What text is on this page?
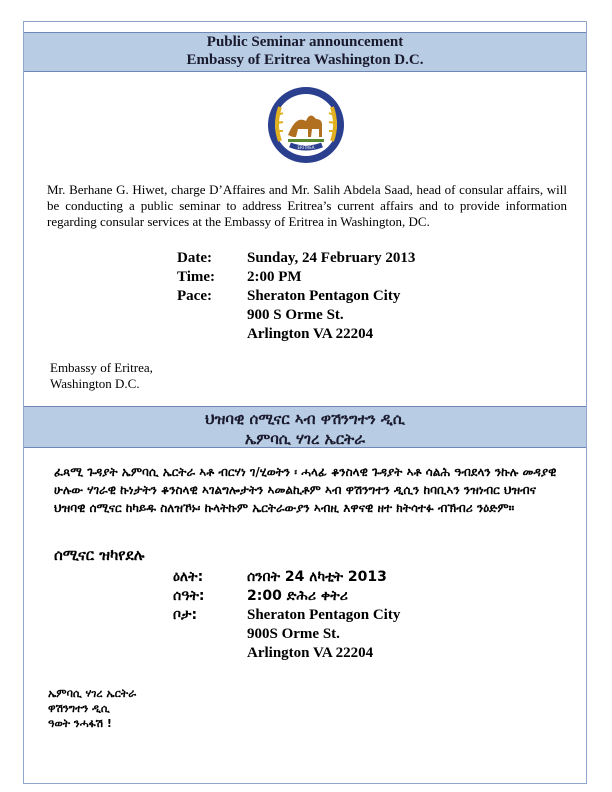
Public Seminar announcement
Embassy of Eritrea Washington D.C.
ERITREA
Mr. Berhane G. Hiwet, charge D’Affaires and Mr. Salih Abdela Saad, head of consular affairs, will be conducting a public seminar to address Eritrea’s current affairs and to provide information regarding consular services at the Embassy of Eritrea in Washington, DC.
Date: Sunday, 24 February 2013
Time: 2:00 PM
Pace: Sheraton Pentagon City
900 S Orme St.
Arlington VA 22204
Embassy of Eritrea,
Washington D.C.
ህዝባዊ ሰሚናር ኣብ ዋሽንግተን ዲሲ
ኤምባሲ ሃገረ ኤርትራ
ፈጻሚ ጉዳያት ኤምባሲ ኤርትራ ኣቶ ብርሃነ ገ/ሂወትን ፡ ሓላፊ ቆንስላዊ ጉዳያት ኣቶ ሳልሕ ዓብደላን ንኩሉ መዳያዊ ሁሉው ሃገራዊ ኩነታትን ቆንስላዊ ኣገልግሎታትን ኣመልኪቶም ኣብ ዋሽንግተን ዲሲን ከባቢኣን ንዝነብር ህዝብና ህዝባዊ ሰሚናር ከካይዱ ስለዝኾኑ፡ ኩላትኩም ኤርትራውያን ኣብዚ እዋናዊ ዘተ ክትሳተፉ ብኽብሪ ንዕድም።
ሰሚናር ዝካየደሉ
ዕለት:	ሰንበት 24 ለካቲት 2013
ሰዓት:	2:00 ድሕሪ ቀትሪ
ቦታ:	Sheraton Pentagon City
900S Orme St.
Arlington VA 22204
ኤምባሲ ሃገረ ኤርትራ
ዋሽንግተን ዲሲ
ዓወት ንሓፋሽ !
